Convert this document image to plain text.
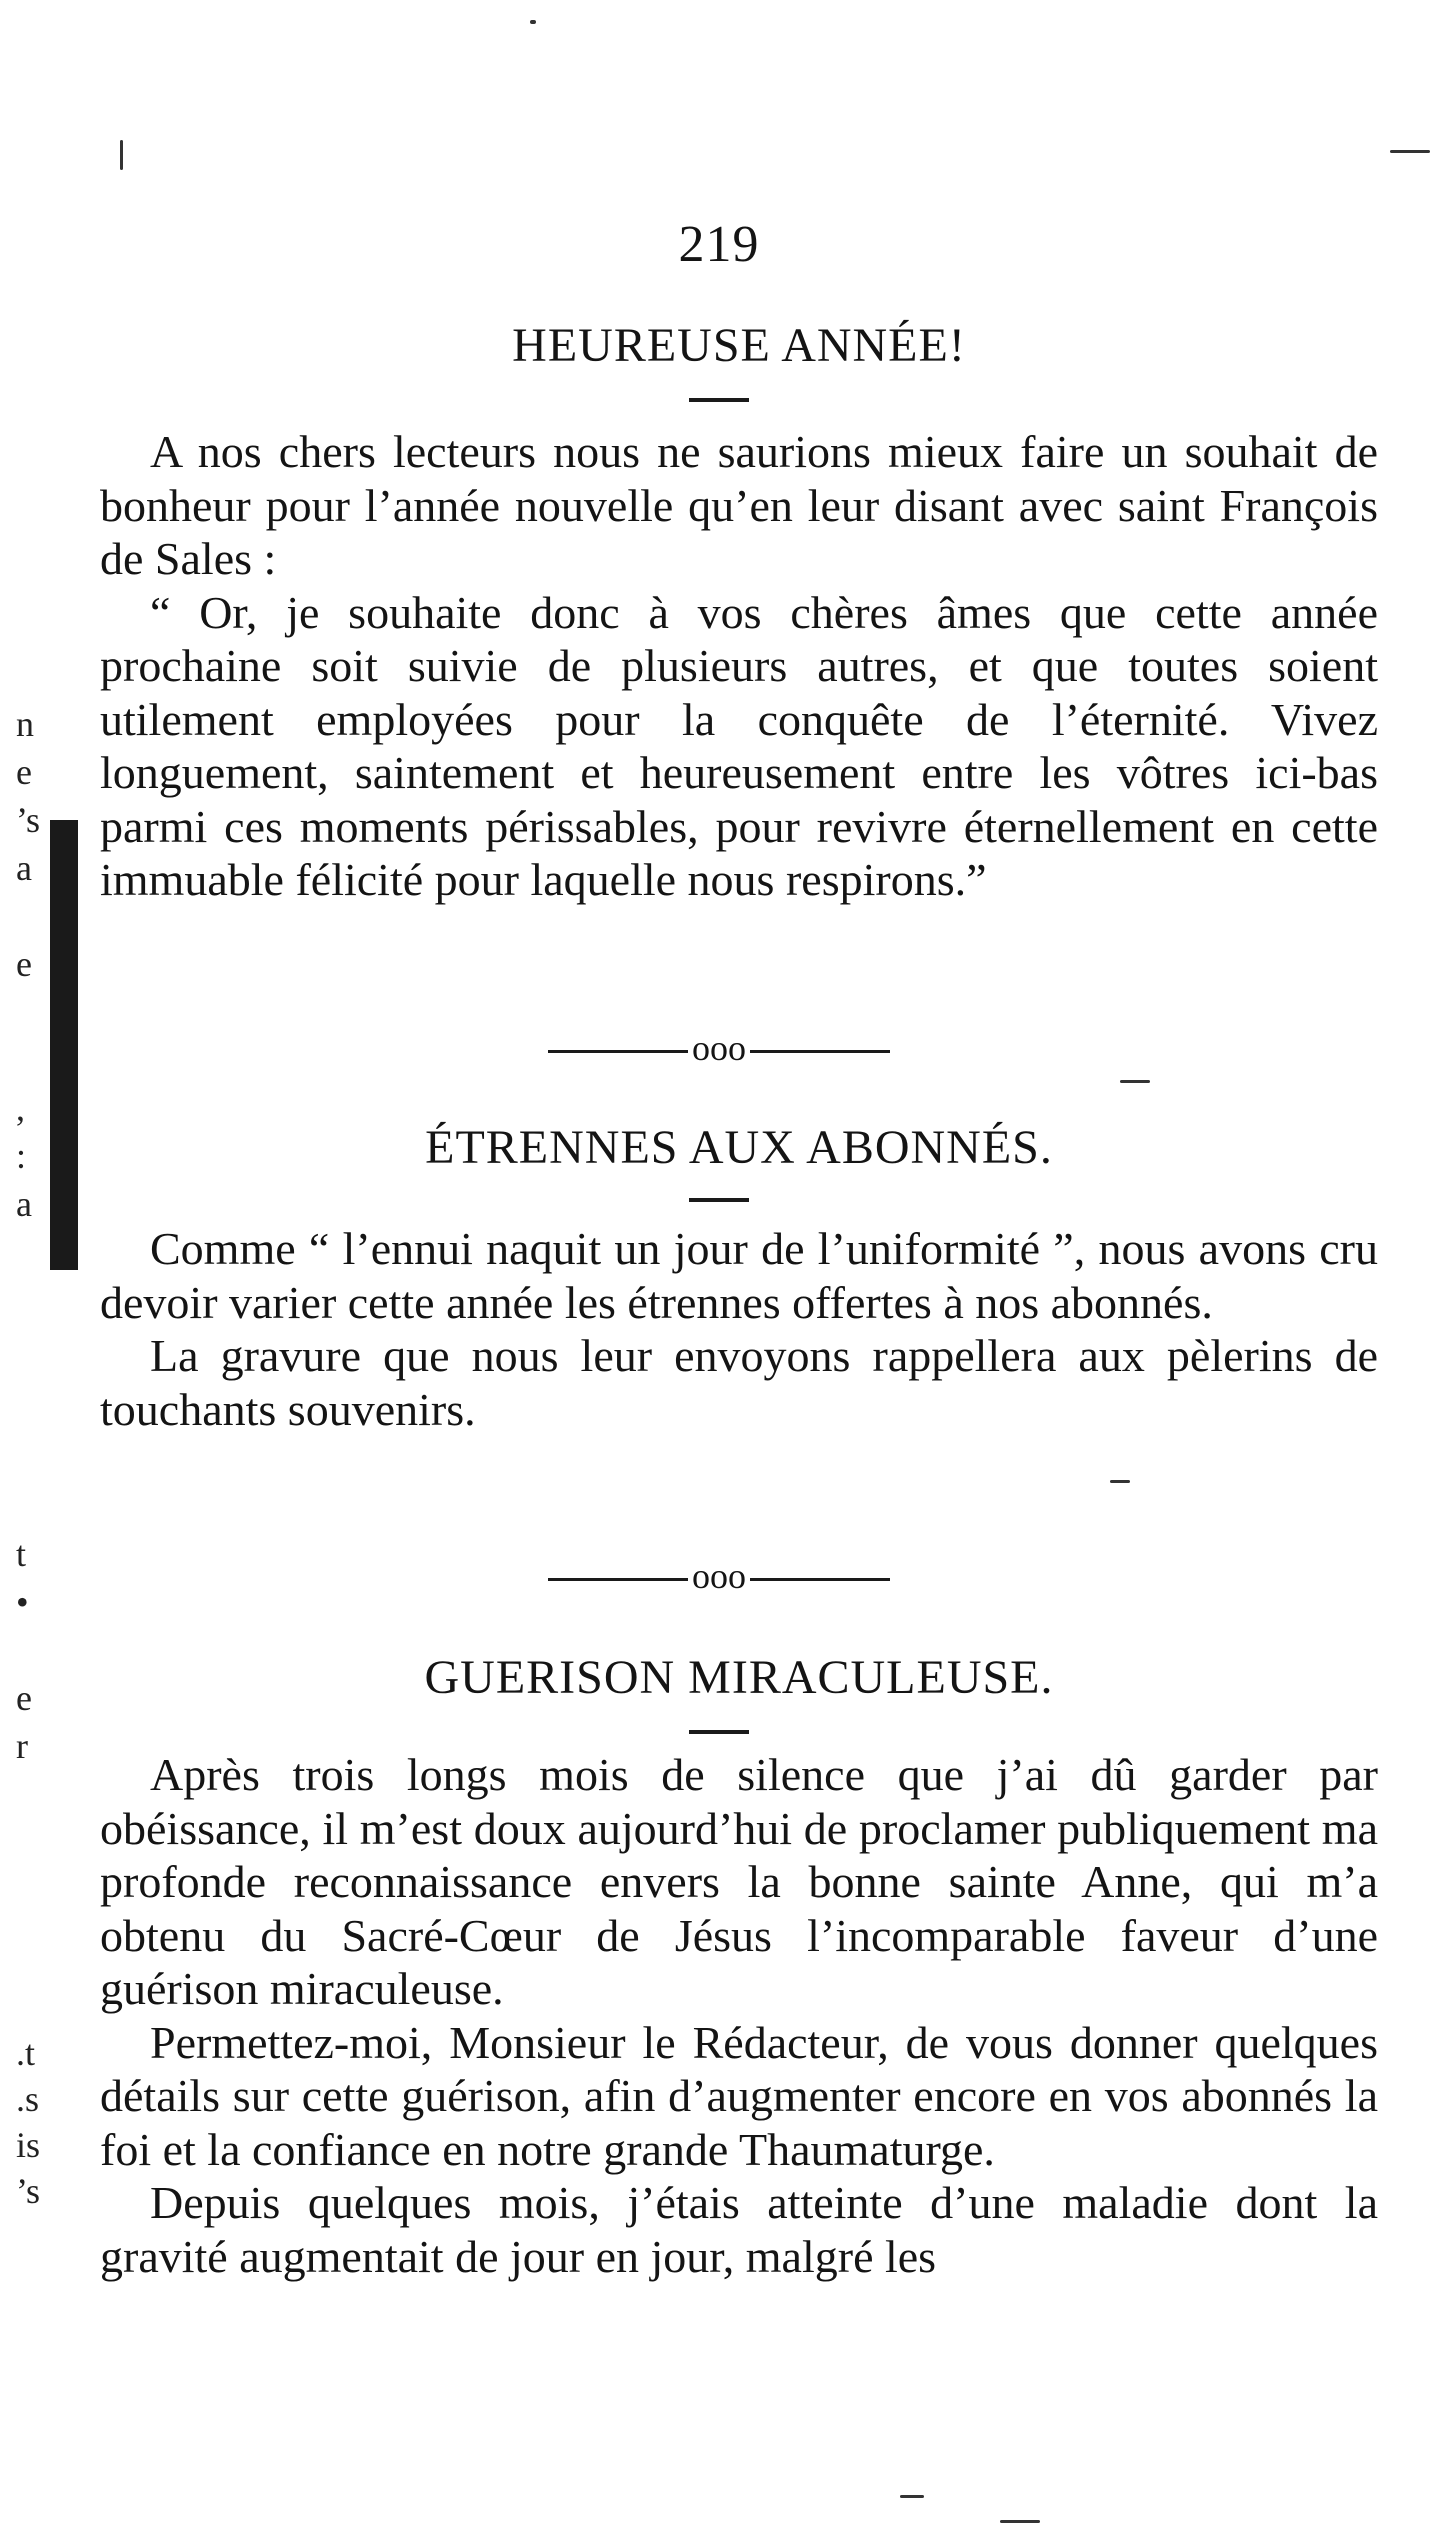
n
e
’s
a

e

,
:
a
t
•

e
r
.t
.s
is
’s
219
HEUREUSE ANNÉE!

A nos chers lecteurs nous ne saurions mieux faire un souhait de bonheur pour l’année nouvelle qu’en leur disant avec saint François de Sales :

“ Or, je souhaite donc à vos chères âmes que cette année prochaine soit suivie de plusieurs autres, et que toutes soient utilement employées pour la conquête de l’éternité. Vivez longuement, saintement et heureusement entre les vôtres ici-bas parmi ces moments périssables, pour revivre éternellement en cette immuable félicité pour laquelle nous respirons.”

ooo
ÉTRENNES AUX ABONNÉS.

Comme “ l’ennui naquit un jour de l’uniformité ”, nous avons cru devoir varier cette année les étrennes offertes à nos abonnés.

La gravure que nous leur envoyons rappellera aux pèlerins de touchants souvenirs.

ooo
GUERISON MIRACULEUSE.

Après trois longs mois de silence que j’ai dû garder par obéissance, il m’est doux aujourd’hui de proclamer publiquement ma profonde reconnaissance envers la bonne sainte Anne, qui m’a obtenu du Sacré-Cœur de Jésus l’incomparable faveur d’une guérison miraculeuse.

Permettez-moi, Monsieur le Rédacteur, de vous donner quelques détails sur cette guérison, afin d’augmenter encore en vos abonnés la foi et la confiance en notre grande Thaumaturge.

Depuis quelques mois, j’étais atteinte d’une maladie dont la gravité augmentait de jour en jour, malgré les
